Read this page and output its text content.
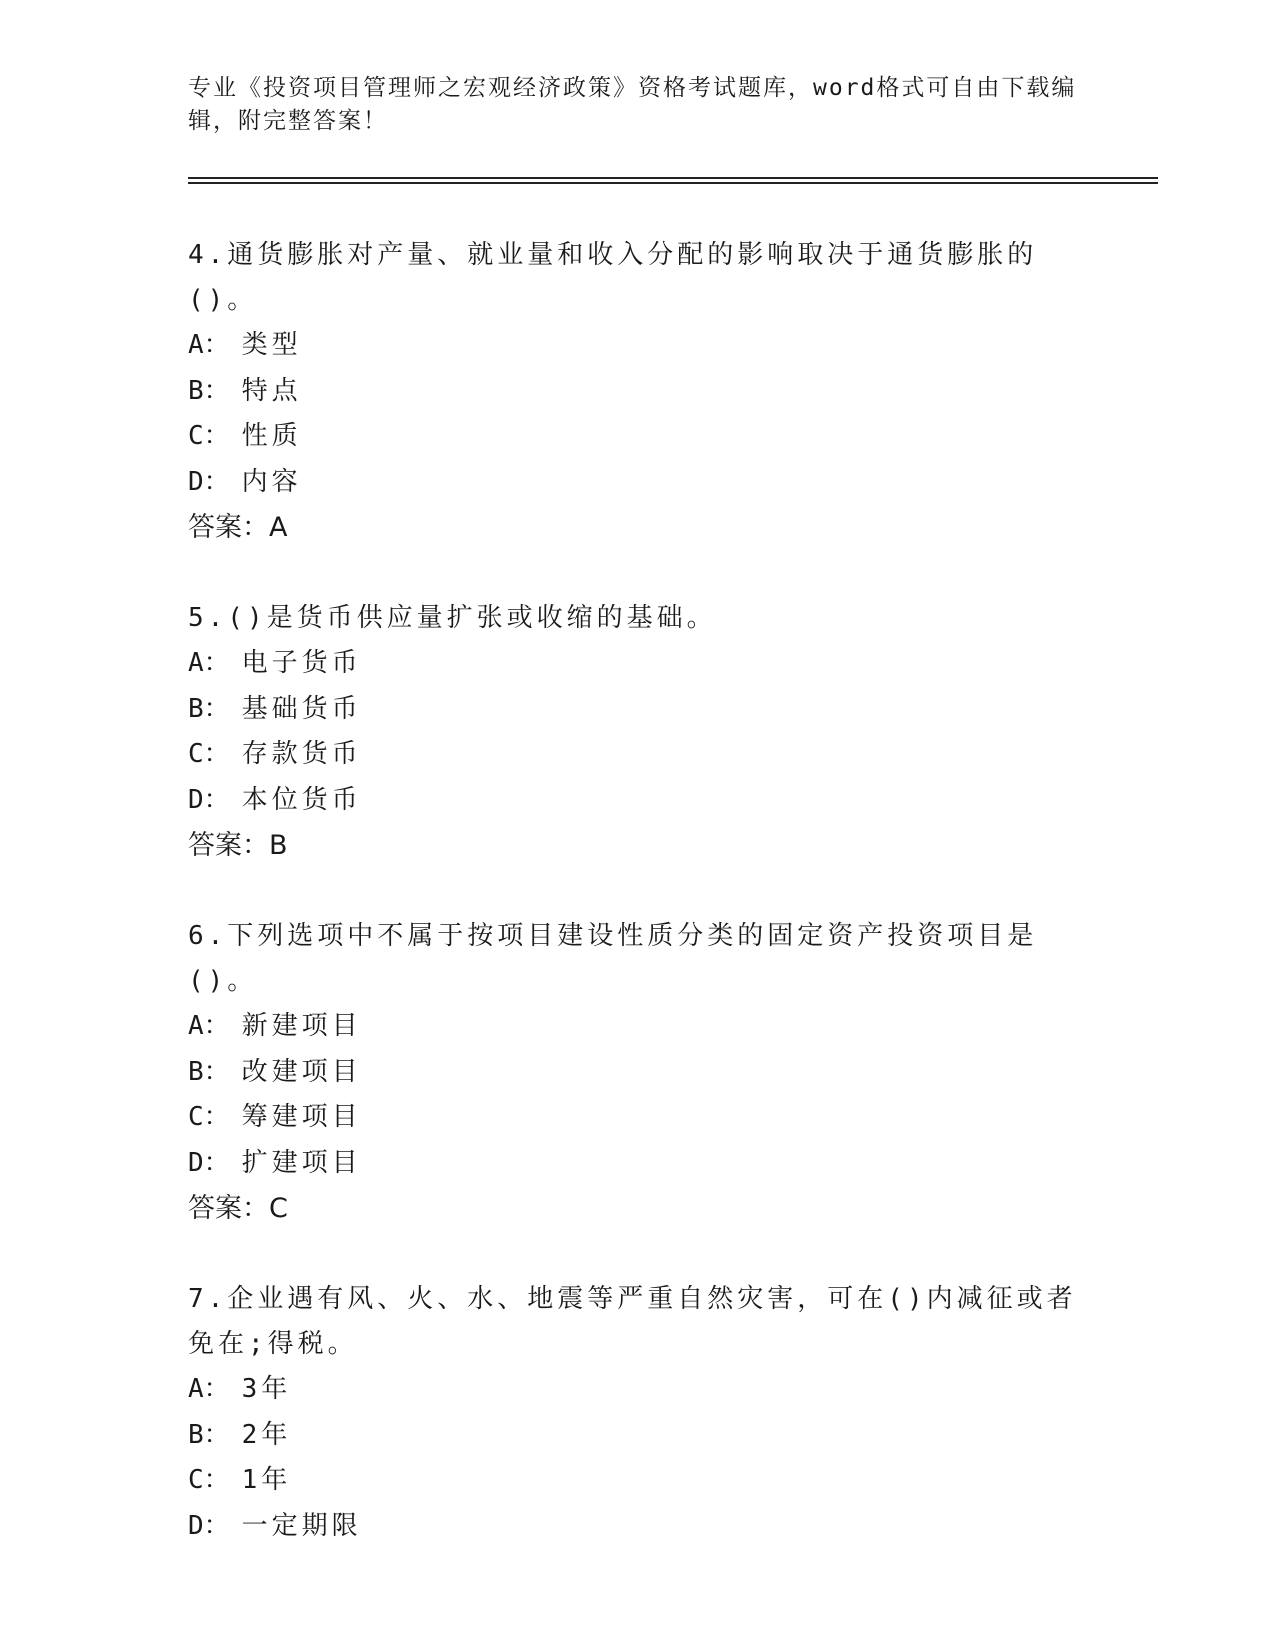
专业《投资项目管理师之宏观经济政策》资格考试题库，word格式可自由下载编辑，附完整答案！
4.通货膨胀对产量、就业量和收入分配的影响取决于通货膨胀的()。
A： 类型
B： 特点
C： 性质
D： 内容
答案：A
5.()是货币供应量扩张或收缩的基础。
A： 电子货币
B： 基础货币
C： 存款货币
D： 本位货币
答案：B
6.下列选项中不属于按项目建设性质分类的固定资产投资项目是()。
A： 新建项目
B： 改建项目
C： 筹建项目
D： 扩建项目
答案：C
7.企业遇有风、火、水、地震等严重自然灾害，可在()内减征或者免在;得税。
A： 3年
B： 2年
C： 1年
D： 一定期限
